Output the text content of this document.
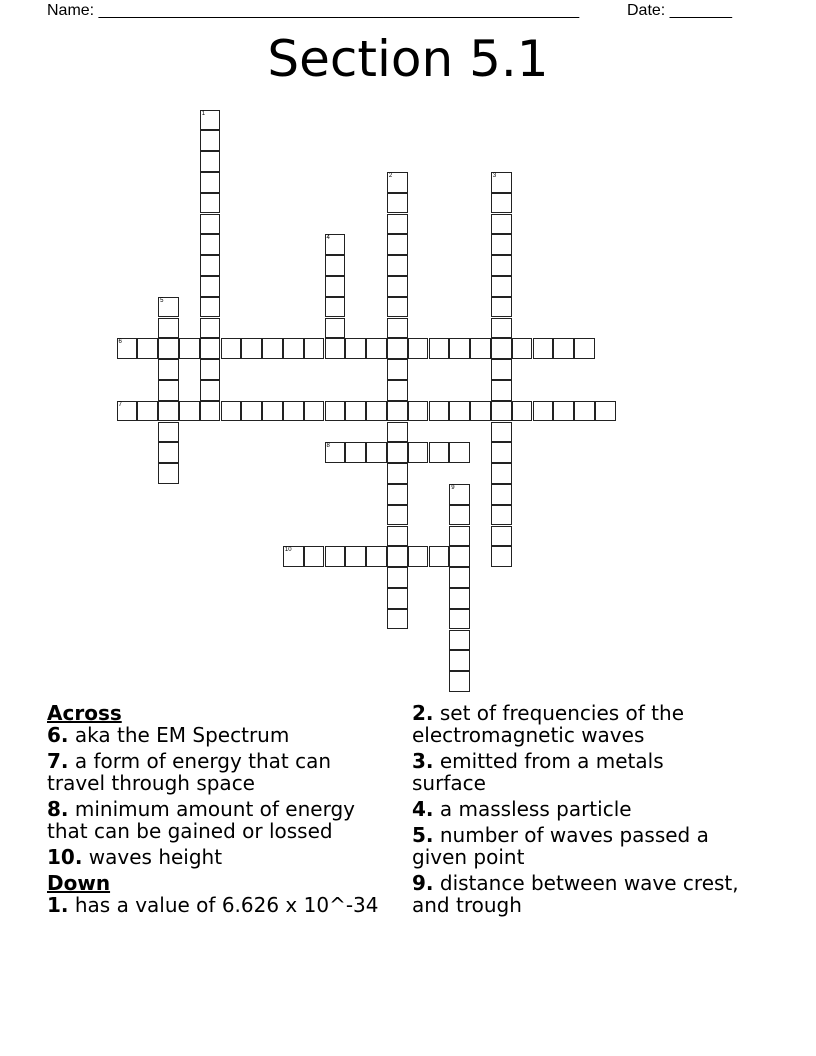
Name: ______________________________________________________	Date: _______
Section 5.1
1
2	3
4
5
6
7
8
9
10
Across
6. aka the EM Spectrum
7. a form of energy that can travel through space
8. minimum amount of energy that can be gained or lossed
10. waves height
Down
1. has a value of 6.626 x 10^-34
2. set of frequencies of the electromagnetic waves
3. emitted from a metals surface
4. a massless particle
5. number of waves passed a given point
9. distance between wave crest, and trough
